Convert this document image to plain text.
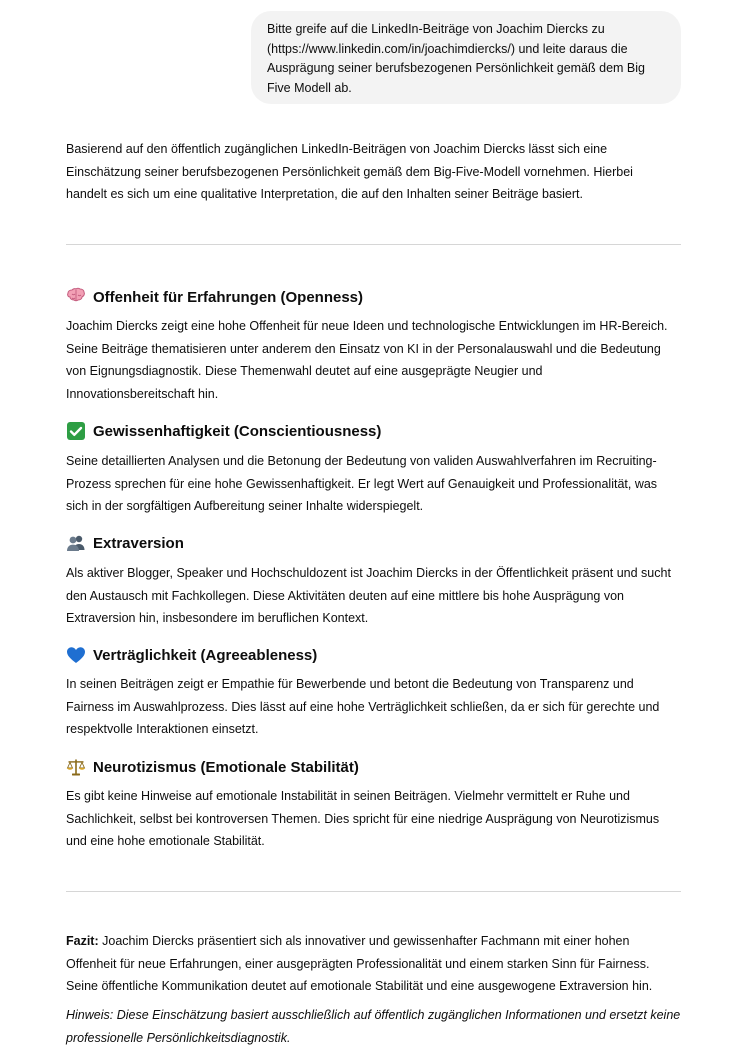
Bitte greife auf die LinkedIn-Beiträge von Joachim Diercks zu
(https://www.linkedin.com/in/joachimdiercks/) und leite daraus die
Ausprägung seiner berufsbezogenen Persönlichkeit gemäß dem Big
Five Modell ab.
Basierend auf den öffentlich zugänglichen LinkedIn-Beiträgen von Joachim Diercks lässt sich eine
Einschätzung seiner berufsbezogenen Persönlichkeit gemäß dem Big-Five-Modell vornehmen. Hierbei
handelt es sich um eine qualitative Interpretation, die auf den Inhalten seiner Beiträge basiert.
Offenheit für Erfahrungen (Openness)
Joachim Diercks zeigt eine hohe Offenheit für neue Ideen und technologische Entwicklungen im HR-Bereich.
Seine Beiträge thematisieren unter anderem den Einsatz von KI in der Personalauswahl und die Bedeutung
von Eignungsdiagnostik. Diese Themenwahl deutet auf eine ausgeprägte Neugier und
Innovationsbereitschaft hin.
Gewissenhaftigkeit (Conscientiousness)
Seine detaillierten Analysen und die Betonung der Bedeutung von validen Auswahlverfahren im Recruiting-
Prozess sprechen für eine hohe Gewissenhaftigkeit. Er legt Wert auf Genauigkeit und Professionalität, was
sich in der sorgfältigen Aufbereitung seiner Inhalte widerspiegelt.
Extraversion
Als aktiver Blogger, Speaker und Hochschuldozent ist Joachim Diercks in der Öffentlichkeit präsent und sucht
den Austausch mit Fachkollegen. Diese Aktivitäten deuten auf eine mittlere bis hohe Ausprägung von
Extraversion hin, insbesondere im beruflichen Kontext.
Verträglichkeit (Agreeableness)
In seinen Beiträgen zeigt er Empathie für Bewerbende und betont die Bedeutung von Transparenz und
Fairness im Auswahlprozess. Dies lässt auf eine hohe Verträglichkeit schließen, da er sich für gerechte und
respektvolle Interaktionen einsetzt.
Neurotizismus (Emotionale Stabilität)
Es gibt keine Hinweise auf emotionale Instabilität in seinen Beiträgen. Vielmehr vermittelt er Ruhe und
Sachlichkeit, selbst bei kontroversen Themen. Dies spricht für eine niedrige Ausprägung von Neurotizismus
und eine hohe emotionale Stabilität.
Fazit: Joachim Diercks präsentiert sich als innovativer und gewissenhafter Fachmann mit einer hohen
Offenheit für neue Erfahrungen, einer ausgeprägten Professionalität und einem starken Sinn für Fairness.
Seine öffentliche Kommunikation deutet auf emotionale Stabilität und eine ausgewogene Extraversion hin.
Hinweis: Diese Einschätzung basiert ausschließlich auf öffentlich zugänglichen Informationen und ersetzt keine
professionelle Persönlichkeitsdiagnostik.
